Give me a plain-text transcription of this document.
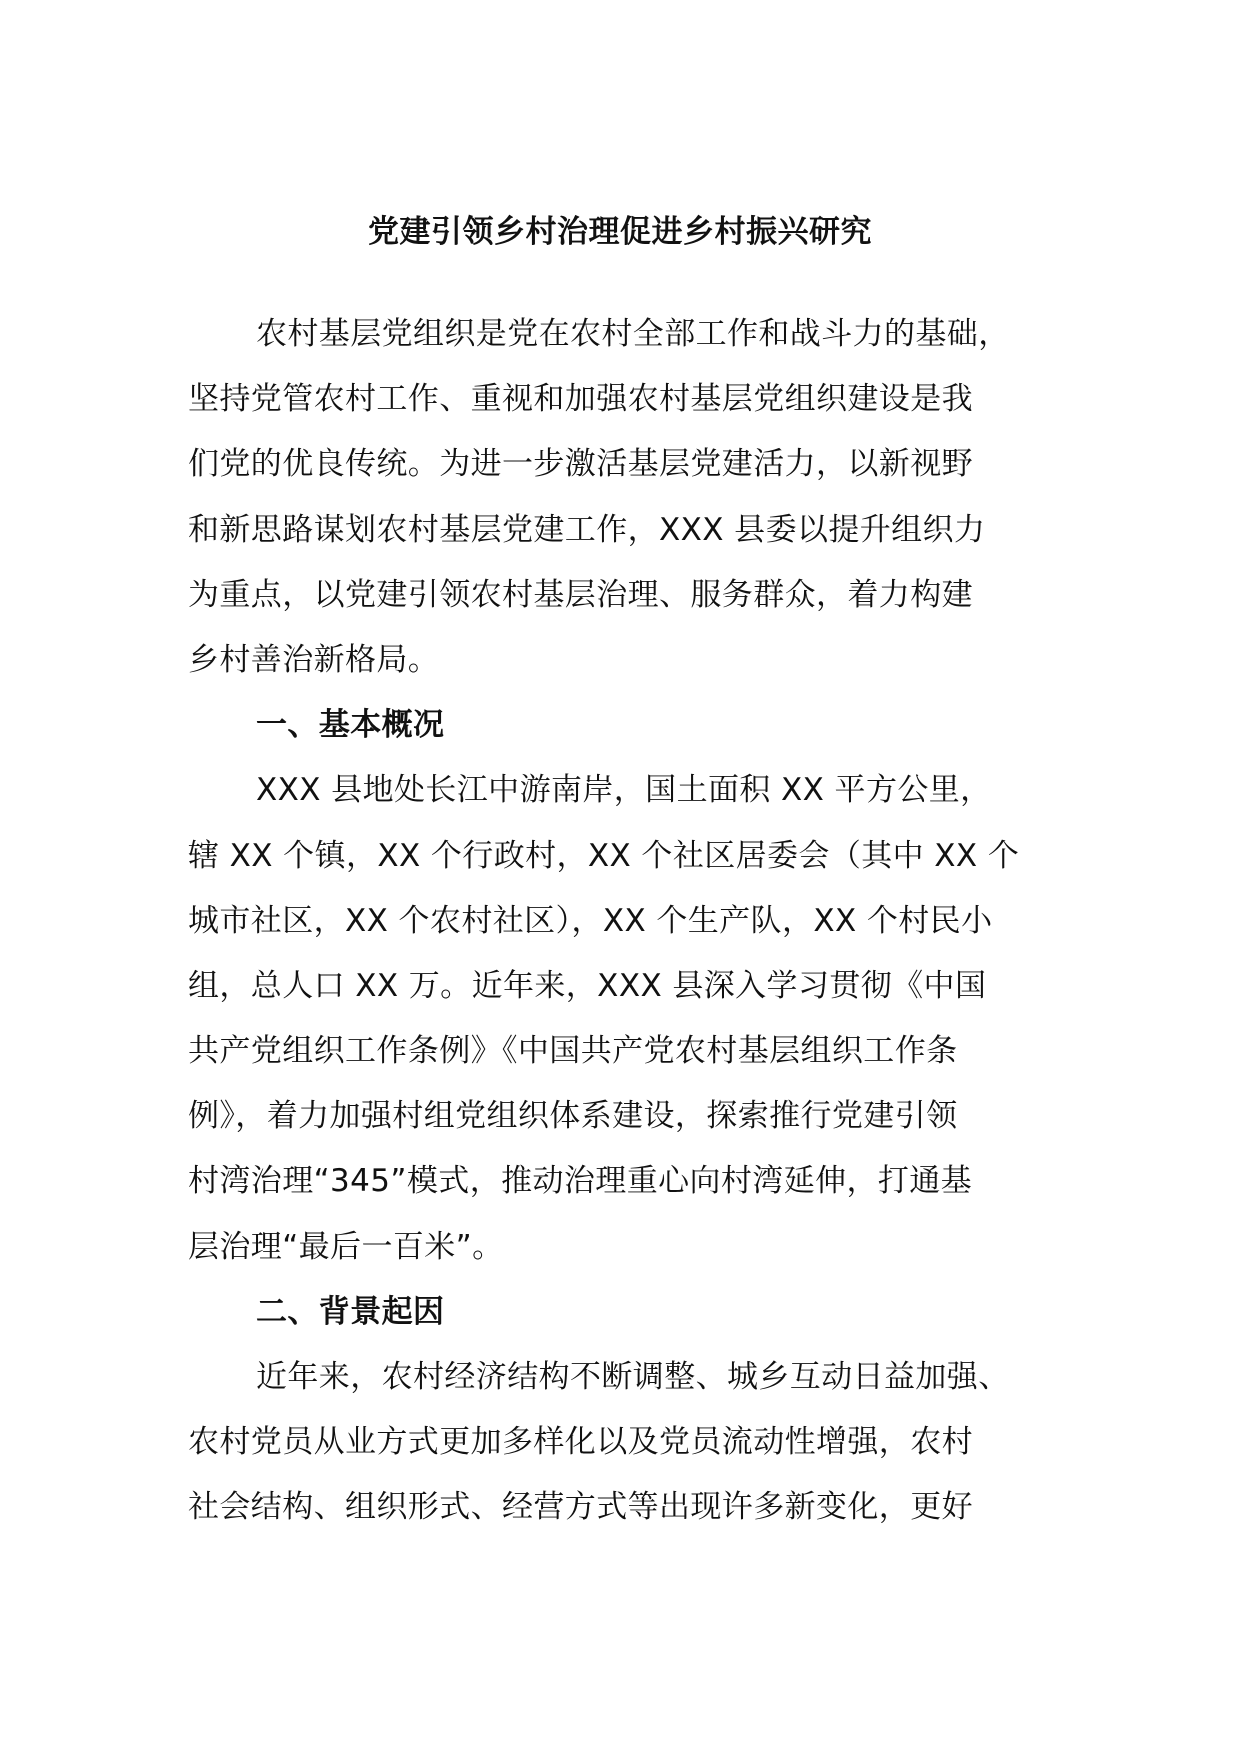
党建引领乡村治理促进乡村振兴研究
农村基层党组织是党在农村全部工作和战斗力的基础，
坚持党管农村工作、重视和加强农村基层党组织建设是我
们党的优良传统。为进一步激活基层党建活力，以新视野
和新思路谋划农村基层党建工作，XXX 县委以提升组织力
为重点，以党建引领农村基层治理、服务群众，着力构建
乡村善治新格局。
一、基本概况
XXX 县地处长江中游南岸，国土面积 XX 平方公里，
辖 XX 个镇，XX 个行政村，XX 个社区居委会（其中 XX 个
城市社区，XX 个农村社区），XX 个生产队，XX 个村民小
组，总人口 XX 万。近年来，XXX 县深入学习贯彻《中国
共产党组织工作条例》《中国共产党农村基层组织工作条
例》，着力加强村组党组织体系建设，探索推行党建引领
村湾治理“345”模式，推动治理重心向村湾延伸，打通基
层治理“最后一百米”。
二、背景起因
近年来，农村经济结构不断调整、城乡互动日益加强、
农村党员从业方式更加多样化以及党员流动性增强，农村
社会结构、组织形式、经营方式等出现许多新变化，更好
